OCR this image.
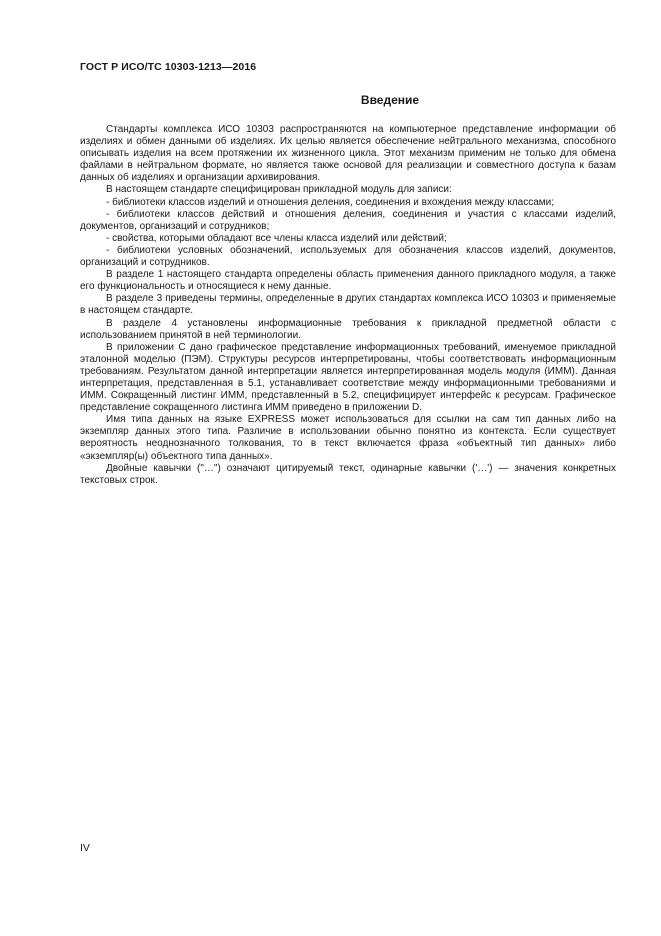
ГОСТ Р ИСО/ТС 10303-1213—2016
Введение

Стандарты комплекса ИСО 10303 распространяются на компьютерное представление информации об изделиях и обмен данными об изделиях. Их целью является обеспечение нейтрального механизма, способного описывать изделия на всем протяжении их жизненного цикла. Этот механизм применим не только для обмена файлами в нейтральном формате, но является также основой для реализации и совместного доступа к базам данных об изделиях и организации архивирования.

В настоящем стандарте специфицирован прикладной модуль для записи:

- библиотеки классов изделий и отношения деления, соединения и вхождения между классами;

- библиотеки классов действий и отношения деления, соединения и участия с классами изделий, документов, организаций и сотрудников;

- свойства, которыми обладают все члены класса изделий или действий;

- библиотеки условных обозначений, используемых для обозначения классов изделий, документов, организаций и сотрудников.

В разделе 1 настоящего стандарта определены область применения данного прикладного модуля, а также его функциональность и относящиеся к нему данные.

В разделе 3 приведены термины, определенные в других стандартах комплекса ИСО 10303 и применяемые в настоящем стандарте.

В разделе 4 установлены информационные требования к прикладной предметной области с использованием принятой в ней терминологии.

В приложении С дано графическое представление информационных требований, именуемое прикладной эталонной моделью (ПЭМ). Структуры ресурсов интерпретированы, чтобы соответствовать информационным требованиям. Результатом данной интерпретации является интерпретированная модель модуля (ИММ). Данная интерпретация, представленная в 5.1, устанавливает соответствие между информационными требованиями и ИММ. Сокращенный листинг ИММ, представленный в 5.2, специфицирует интерфейс к ресурсам. Графическое представление сокращенного листинга ИММ приведено в приложении D.

Имя типа данных на языке EXPRESS может использоваться для ссылки на сам тип данных либо на экземпляр данных этого типа. Различие в использовании обычно понятно из контекста. Если существует вероятность неоднозначного толкования, то в текст включается фраза «объектный тип данных» либо «экземпляр(ы) объектного типа данных».

Двойные кавычки ("…") означают цитируемый текст, одинарные кавычки ('…') — значения конкретных текстовых строк.

IV
